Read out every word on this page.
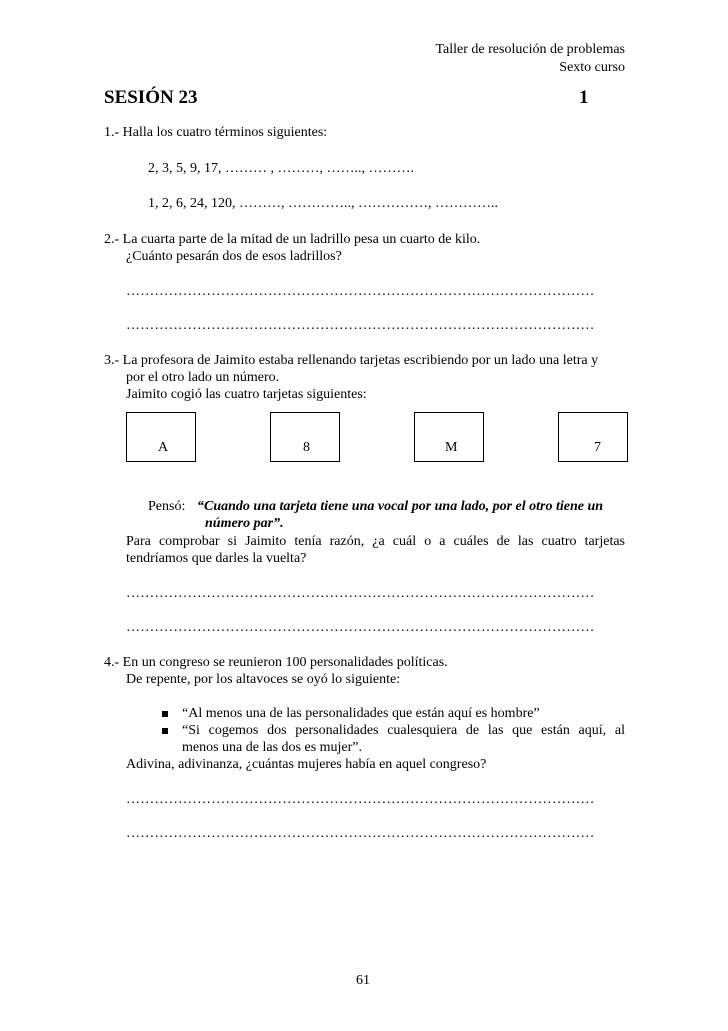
Taller de resolución de problemas
Sexto curso
SESIÓN 23	1
1.- Halla los cuatro términos siguientes:
2, 3, 5, 9, 17, ……… , ………, …….., ……….
1, 2, 6, 24, 120, ………, ………….., ……………, …………..
2.- La cuarta parte de la mitad de un ladrillo pesa un cuarto de kilo.
¿Cuánto pesarán dos de esos ladrillos?
………………………………………………………………………………………
………………………………………………………………………………………
3.- La profesora de Jaimito estaba rellenando tarjetas escribiendo por un lado una letra y
por el otro lado un número.
Jaimito cogió las cuatro tarjetas siguientes:
A	8	M	7
Pensó: “Cuando una tarjeta tiene una vocal por una lado, por el otro tiene un
número par”.
Para comprobar si Jaimito tenía razón, ¿a cuál o a cuáles de las cuatro tarjetas
tendríamos que darles la vuelta?
………………………………………………………………………………………
………………………………………………………………………………………
4.- En un congreso se reunieron 100 personalidades políticas.
De repente, por los altavoces se oyó lo siguiente:
“Al menos una de las personalidades que están aquí es hombre”
“Si cogemos dos personalidades cualesquiera de las que están aquí, al
menos una de las dos es mujer”.
Adivina, adivinanza, ¿cuántas mujeres había en aquel congreso?
………………………………………………………………………………………
………………………………………………………………………………………
61
